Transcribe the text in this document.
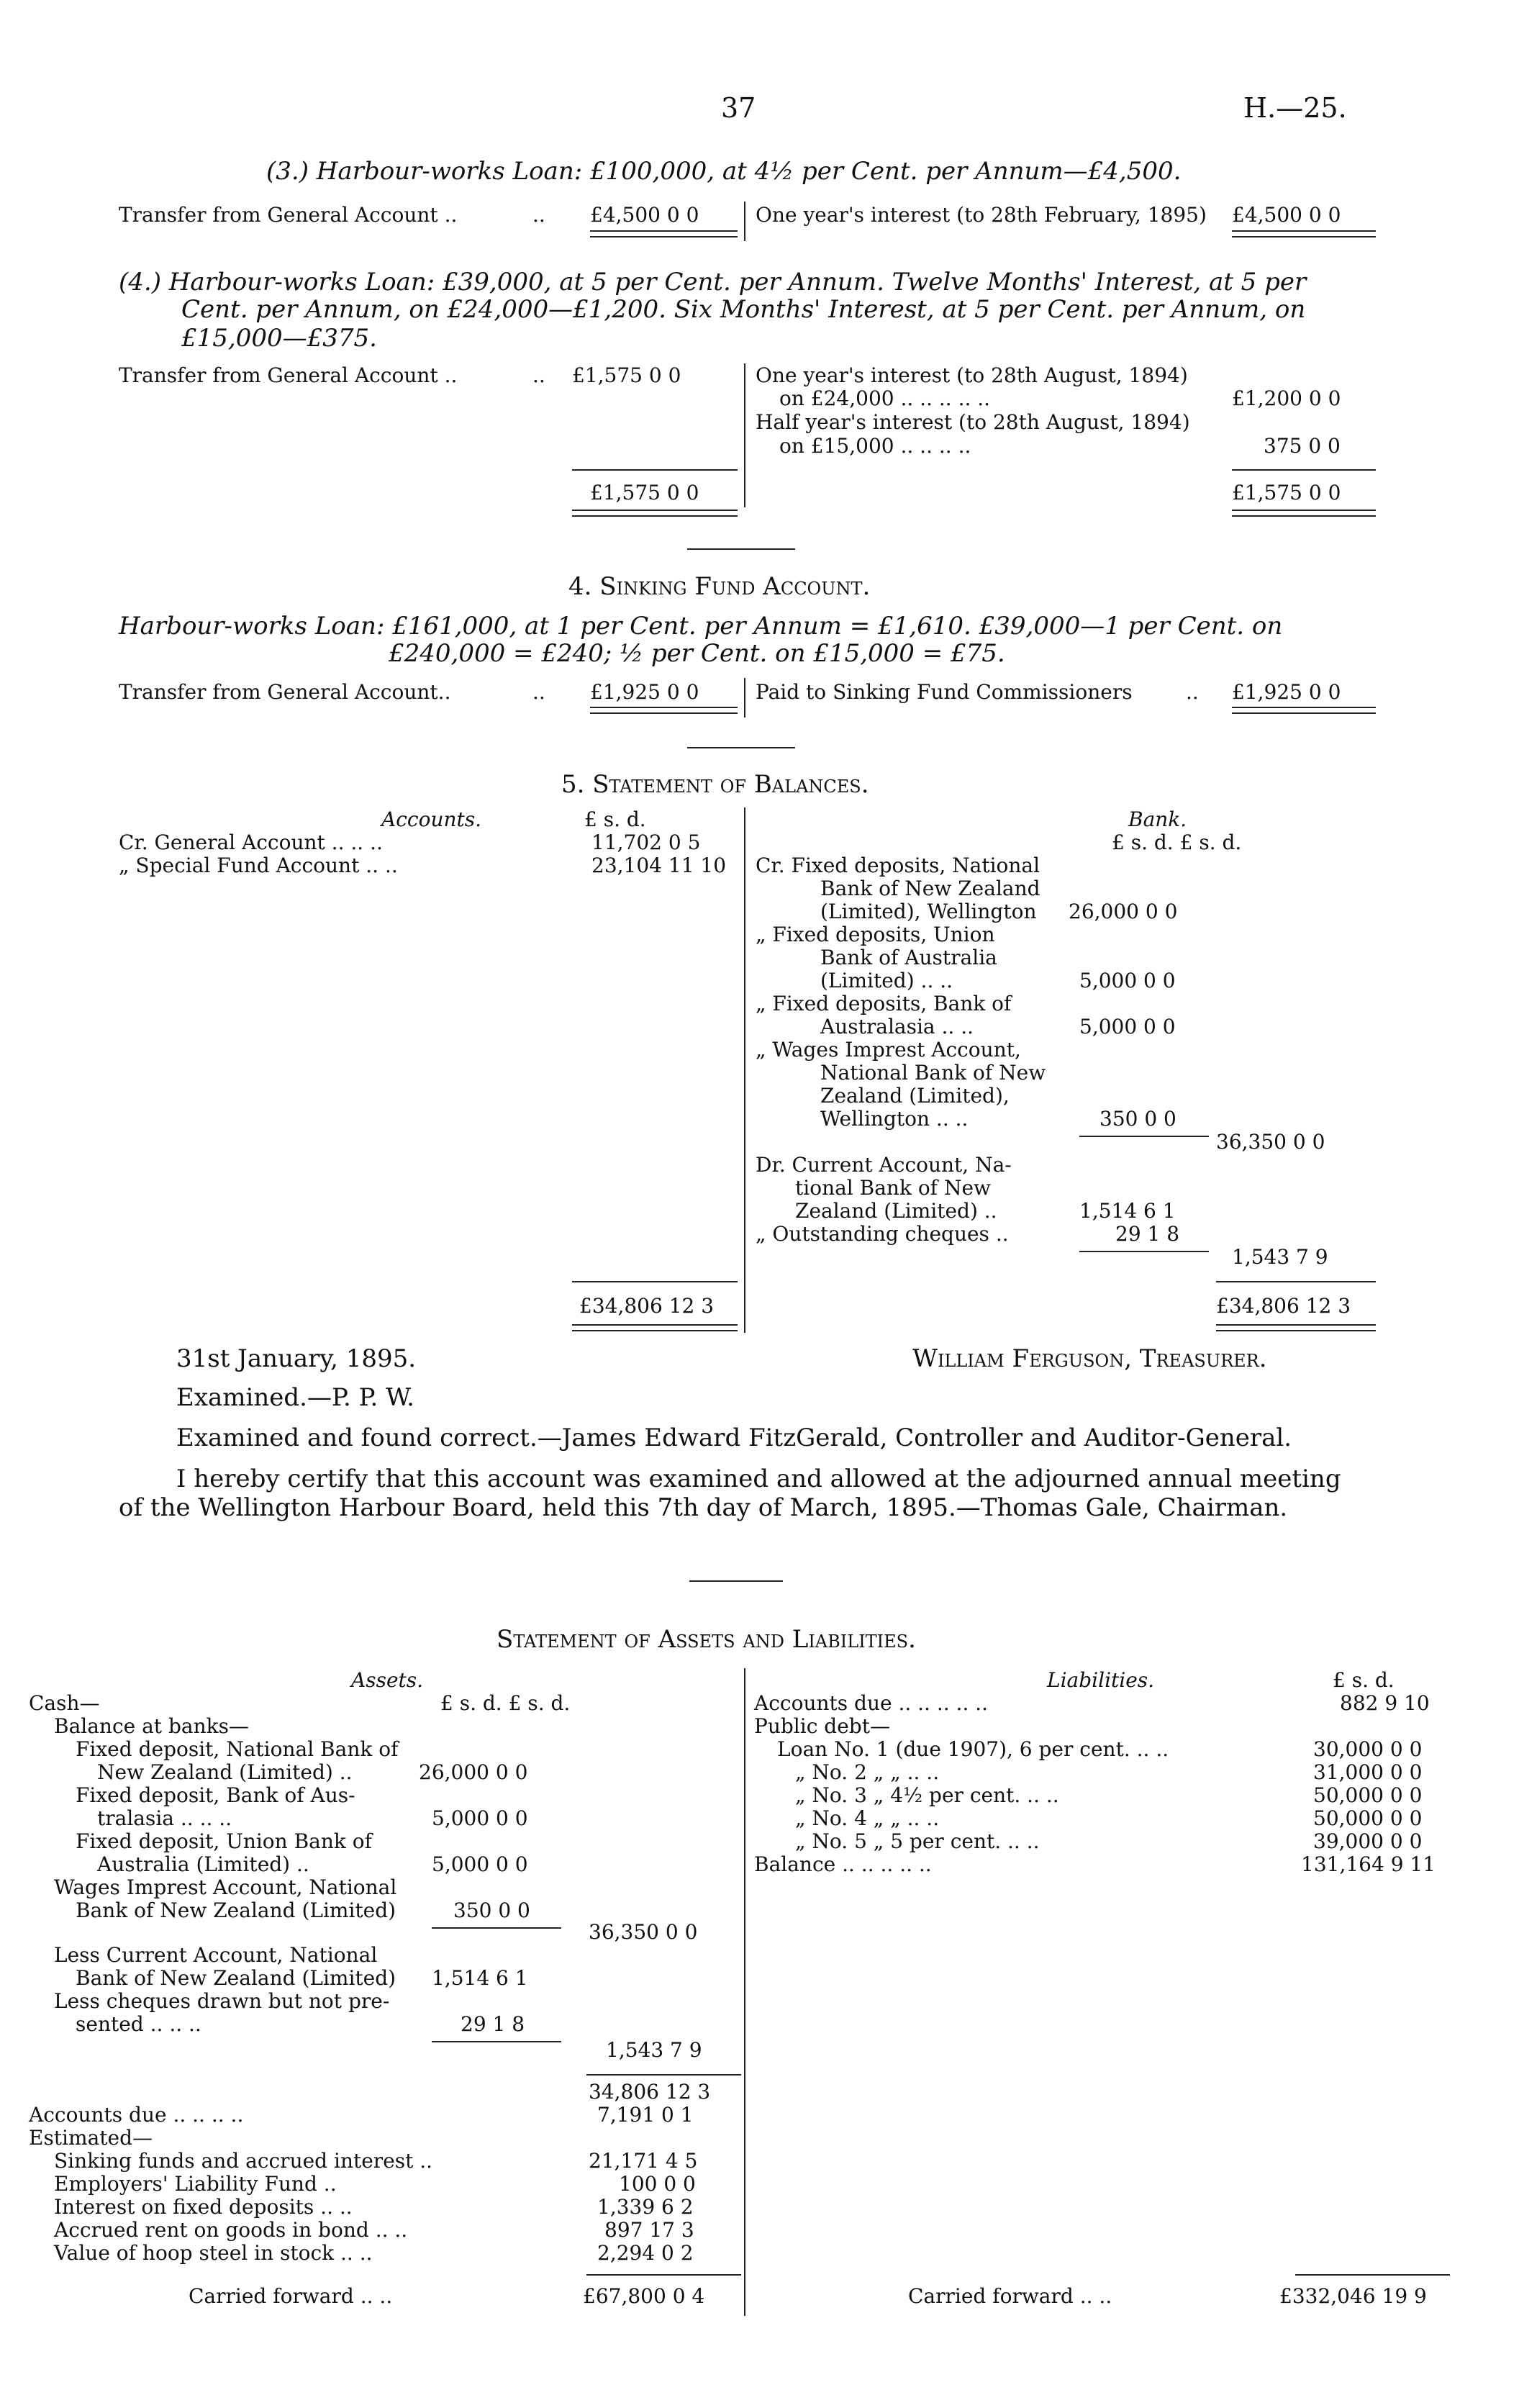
37	H.—25.
(3.) Harbour-works Loan: £100,000, at 4½ per Cent. per Annum—£4,500.
Transfer from General Account ..	.. £4,500 0 0	One year's interest (to 28th February, 1895) £4,500 0 0
(4.) Harbour-works Loan: £39,000, at 5 per Cent. per Annum. Twelve Months' Interest, at 5 per
Cent. per Annum, on £24,000—£1,200. Six Months' Interest, at 5 per Cent. per Annum, on
£15,000—£375.
Transfer from General Account ..	.. £1,575 0 0	One year's interest (to 28th August, 1894)
on £24,000 .. .. .. .. ..	£1,200 0 0
Half year's interest (to 28th August, 1894)
on £15,000 .. .. .. ..	375 0 0
£1,575 0 0	£1,575 0 0
4. Sinking Fund Account.
Harbour-works Loan: £161,000, at 1 per Cent. per Annum = £1,610. £39,000—1 per Cent. on
£240,000 = £240; ½ per Cent. on £15,000 = £75.
Transfer from General Account..	.. £1,925 0 0	Paid to Sinking Fund Commissioners	.. £1,925 0 0
5. Statement of Balances.
Accounts.	£ s. d.
Cr. General Account .. .. ..	11,702 0 5
„ Special Fund Account .. ..	23,104 11 10
Bank.
£ s. d. £ s. d.
Cr. Fixed deposits, National
Bank of New Zealand
(Limited), Wellington 26,000 0 0
„ Fixed deposits, Union
Bank of Australia
(Limited) .. ..	5,000 0 0
„ Fixed deposits, Bank of
Australasia .. ..	5,000 0 0
„ Wages Imprest Account,
National Bank of New
Zealand (Limited),
Wellington .. ..	350 0 0
36,350 0 0
Dr. Current Account, Na-
tional Bank of New
Zealand (Limited) ..	1,514 6 1
„ Outstanding cheques ..	29 1 8
1,543 7 9
£34,806 12 3	£34,806 12 3
31st January, 1895.	William Ferguson, Treasurer.
Examined.—P. P. W.
Examined and found correct.—James Edward FitzGerald, Controller and Auditor-General.
I hereby certify that this account was examined and allowed at the adjourned annual meeting
of the Wellington Harbour Board, held this 7th day of March, 1895.—Thomas Gale, Chairman.
Statement of Assets and Liabilities.
Assets.
£ s. d. £ s. d.
Cash—
Balance at banks—
Fixed deposit, National Bank of
New Zealand (Limited) ..	26,000 0 0
Fixed deposit, Bank of Aus-
tralasia .. .. ..	5,000 0 0
Fixed deposit, Union Bank of
Australia (Limited) ..	5,000 0 0
Wages Imprest Account, National
Bank of New Zealand (Limited)	350 0 0
36,350 0 0
Less Current Account, National
Bank of New Zealand (Limited) 1,514 6 1
Less cheques drawn but not pre-
sented .. .. ..	29 1 8
1,543 7 9
34,806 12 3
Accounts due .. .. .. ..	7,191 0 1
Estimated—
Sinking funds and accrued interest ..	21,171 4 5
Employers' Liability Fund ..	100 0 0
Interest on fixed deposits .. ..	1,339 6 2
Accrued rent on goods in bond .. ..	897 17 3
Value of hoop steel in stock .. ..	2,294 0 2
Carried forward .. ..	£67,800 0 4
Liabilities.	£ s. d.
Accounts due .. .. .. .. ..	882 9 10
Public debt—
Loan No. 1 (due 1907), 6 per cent. .. ..	30,000 0 0
„ No. 2 „ „ .. ..	31,000 0 0
„ No. 3 „ 4½ per cent. .. ..	50,000 0 0
„ No. 4 „ „ .. ..	50,000 0 0
„ No. 5 „ 5 per cent. .. ..	39,000 0 0
Balance .. .. .. .. ..	131,164 9 11
Carried forward .. ..	£332,046 19 9
